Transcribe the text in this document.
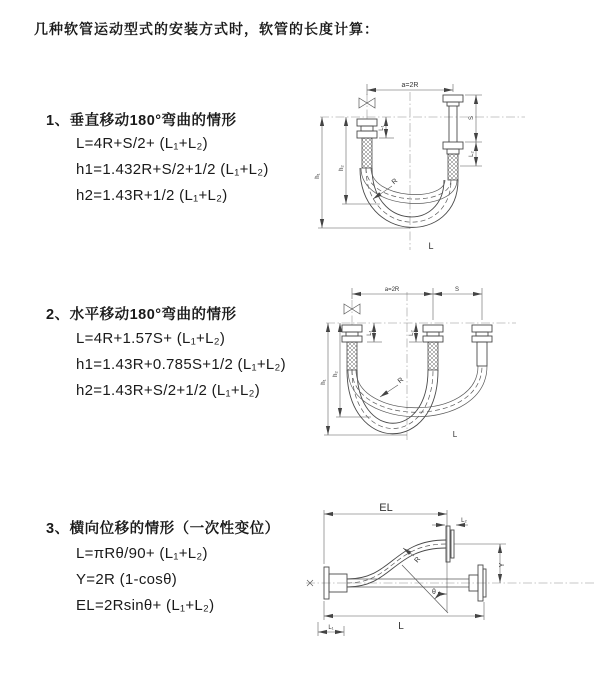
几种软管运动型式的安装方式时，软管的长度计算：
1、垂直移动180°弯曲的情形
L=4R+S/2+ (L₁+L₂)
h1=1.432R+S/2+1/2 (L₁+L₂)
h2=1.43R+1/2 (L₁+L₂)
2、水平移动180°弯曲的情形
L=4R+1.57S+ (L₁+L₂)
h1=1.43R+0.785S+1/2 (L₁+L₂)
h2=1.43R+S/2+1/2 (L₁+L₂)
3、横向位移的情形（一次性变位）
L=πRθ/90+ (L₁+L₂)
Y=2R (1-cosθ)
EL=2Rsinθ+ (L₁+L₂)
a=2R
h₁
h₂
L₁
S
L₂
R
L
a=2R	S
h₁
h₂
L₁	L₂
R
L
EL
L₂
θ
R
Y
L
L₁
